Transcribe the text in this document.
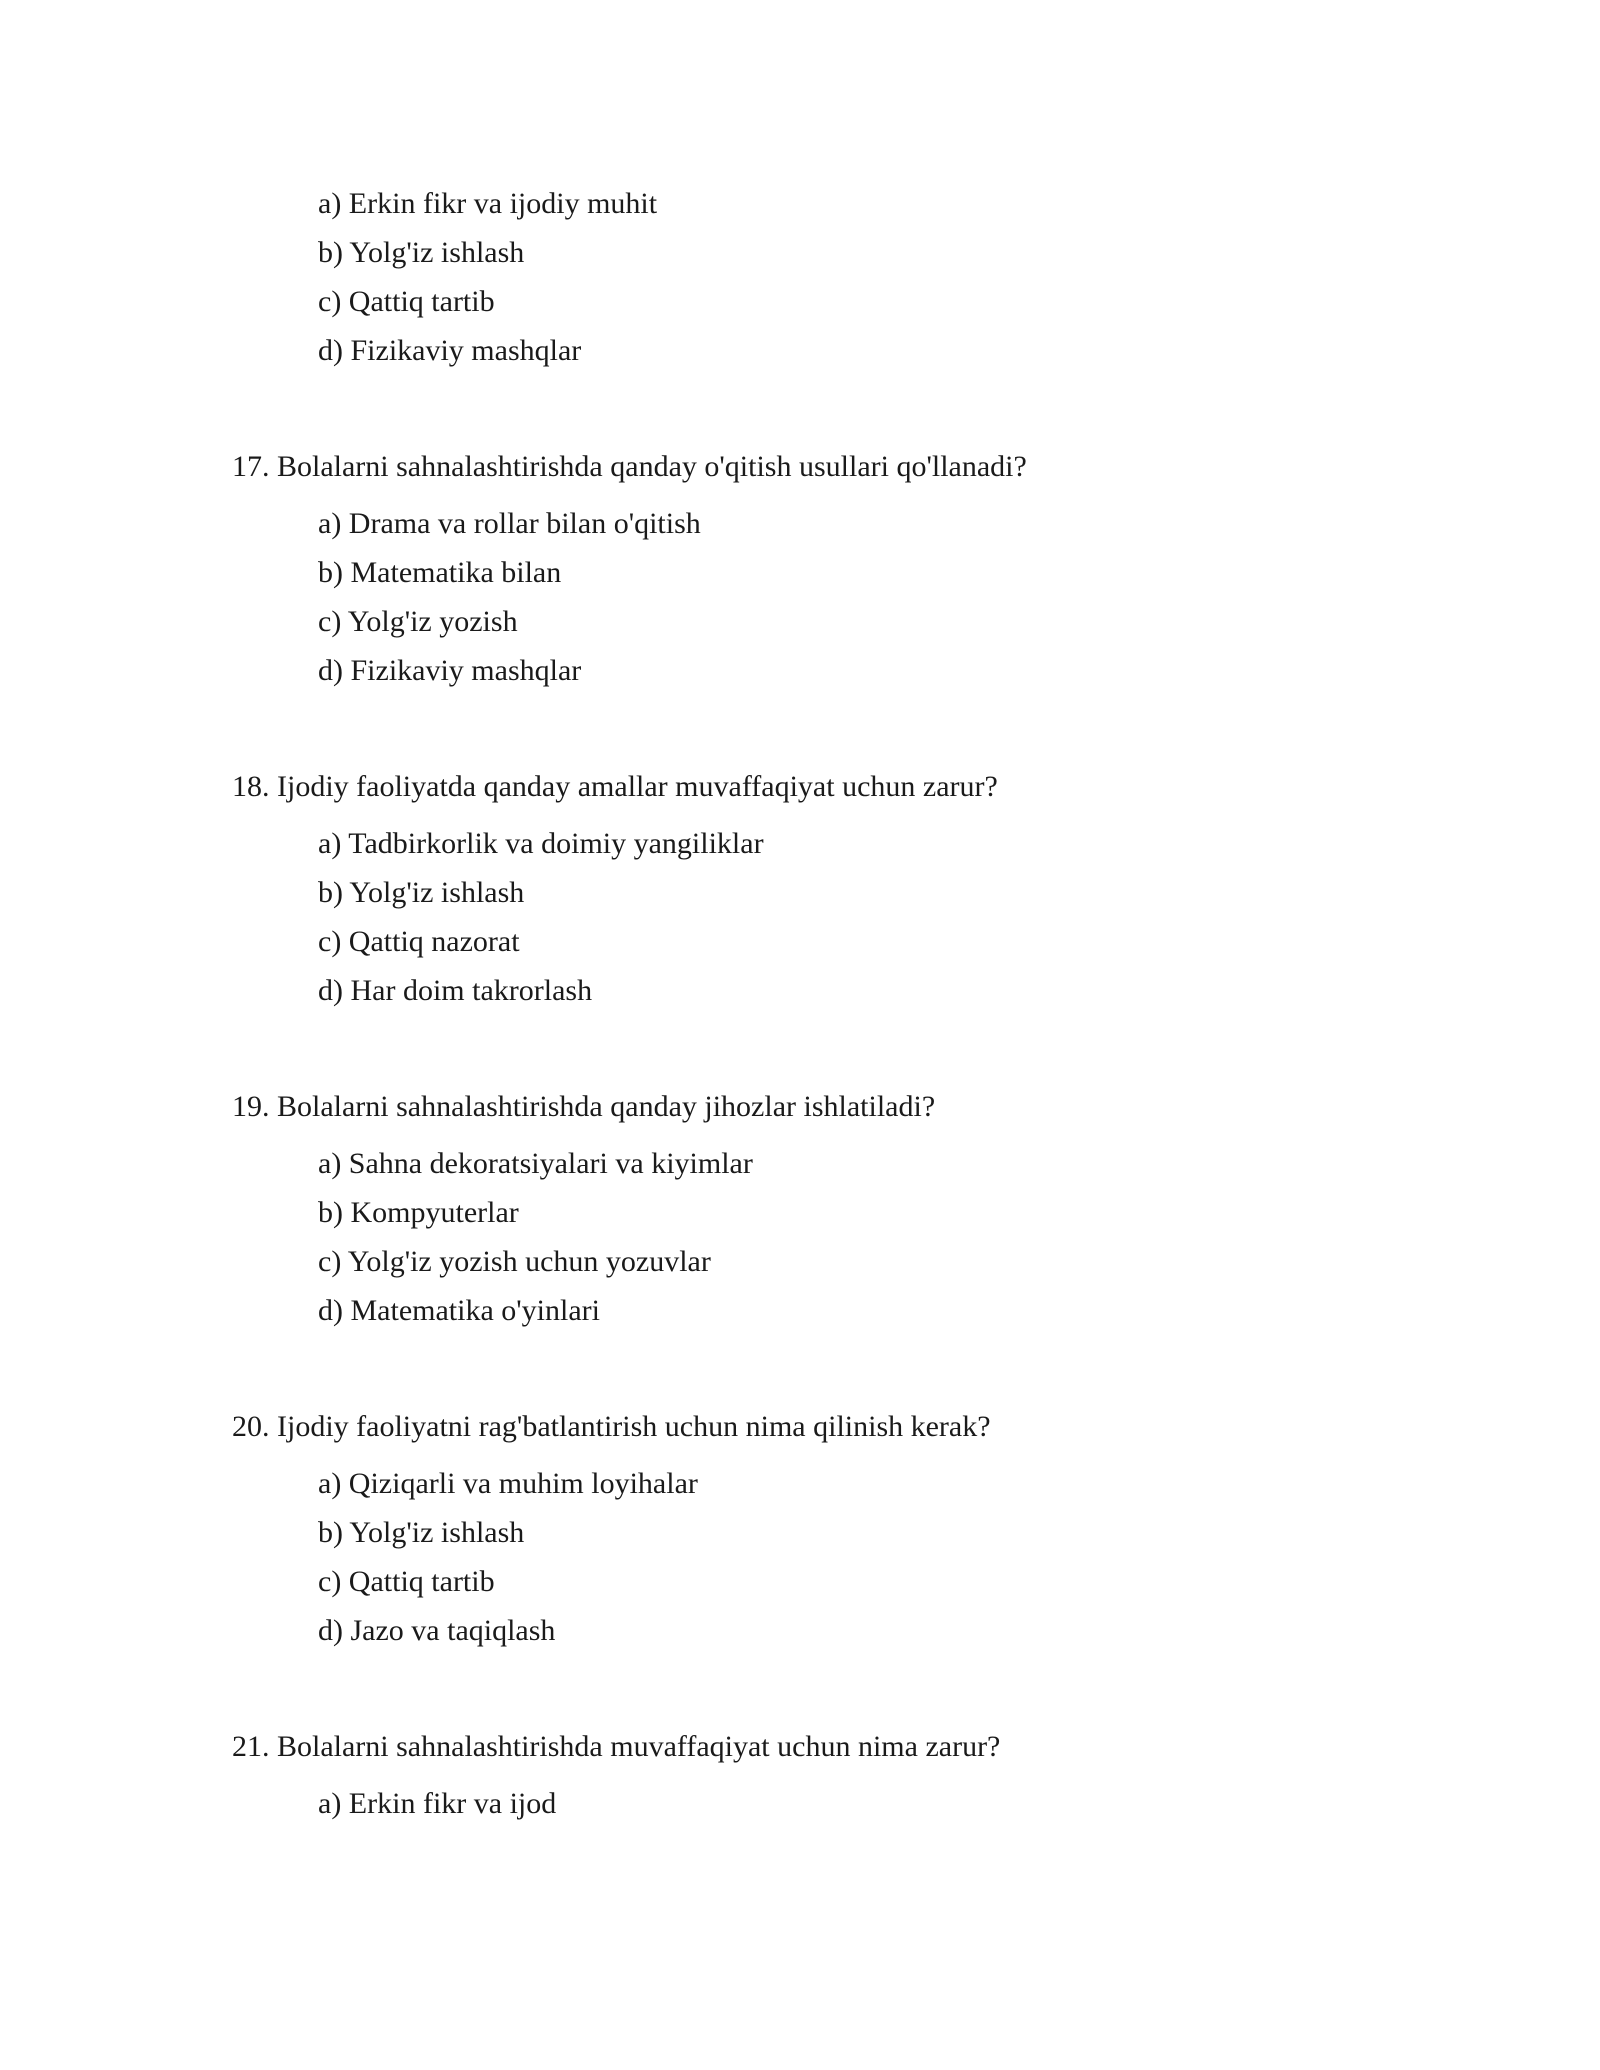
a) Erkin fikr va ijodiy muhit
b) Yolg'iz ishlash
c) Qattiq tartib
d) Fizikaviy mashqlar
17. Bolalarni sahnalashtirishda qanday o'qitish usullari qo'llanadi?
a) Drama va rollar bilan o'qitish
b) Matematika bilan
c) Yolg'iz yozish
d) Fizikaviy mashqlar
18. Ijodiy faoliyatda qanday amallar muvaffaqiyat uchun zarur?
a) Tadbirkorlik va doimiy yangiliklar
b) Yolg'iz ishlash
c) Qattiq nazorat
d) Har doim takrorlash
19. Bolalarni sahnalashtirishda qanday jihozlar ishlatiladi?
a) Sahna dekoratsiyalari va kiyimlar
b) Kompyuterlar
c) Yolg'iz yozish uchun yozuvlar
d) Matematika o'yinlari
20. Ijodiy faoliyatni rag'batlantirish uchun nima qilinish kerak?
a) Qiziqarli va muhim loyihalar
b) Yolg'iz ishlash
c) Qattiq tartib
d) Jazo va taqiqlash
21. Bolalarni sahnalashtirishda muvaffaqiyat uchun nima zarur?
a) Erkin fikr va ijod
